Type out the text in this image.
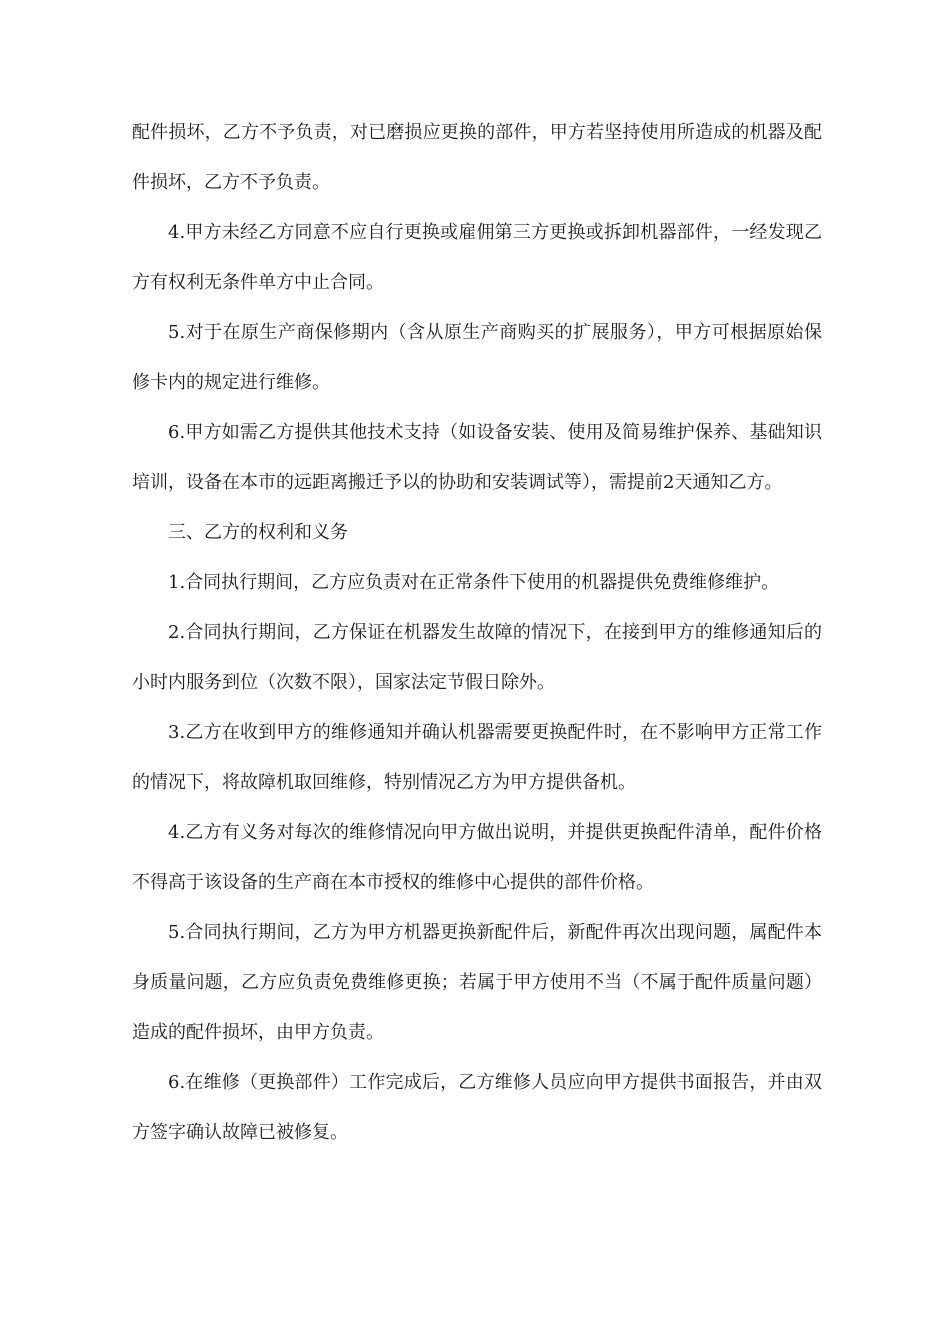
配件损坏，乙方不予负责，对已磨损应更换的部件，甲方若坚持使用所造成的机器及配件损坏，乙方不予负责。

4.甲方未经乙方同意不应自行更换或雇佣第三方更换或拆卸机器部件，一经发现乙方有权利无条件单方中止合同。

5.对于在原生产商保修期内（含从原生产商购买的扩展服务），甲方可根据原始保修卡内的规定进行维修。

6.甲方如需乙方提供其他技术支持（如设备安装、使用及简易维护保养、基础知识培训，设备在本市的远距离搬迁予以的协助和安装调试等），需提前2天通知乙方。

三、乙方的权利和义务

1.合同执行期间，乙方应负责对在正常条件下使用的机器提供免费维修维护。

2.合同执行期间，乙方保证在机器发生故障的情况下，在接到甲方的维修通知后的小时内服务到位（次数不限），国家法定节假日除外。

3.乙方在收到甲方的维修通知并确认机器需要更换配件时，在不影响甲方正常工作的情况下，将故障机取回维修，特别情况乙方为甲方提供备机。

4.乙方有义务对每次的维修情况向甲方做出说明，并提供更换配件清单，配件价格不得高于该设备的生产商在本市授权的维修中心提供的部件价格。

5.合同执行期间，乙方为甲方机器更换新配件后，新配件再次出现问题，属配件本身质量问题，乙方应负责免费维修更换；若属于甲方使用不当（不属于配件质量问题）造成的配件损坏，由甲方负责。

6.在维修（更换部件）工作完成后，乙方维修人员应向甲方提供书面报告，并由双方签字确认故障已被修复。
